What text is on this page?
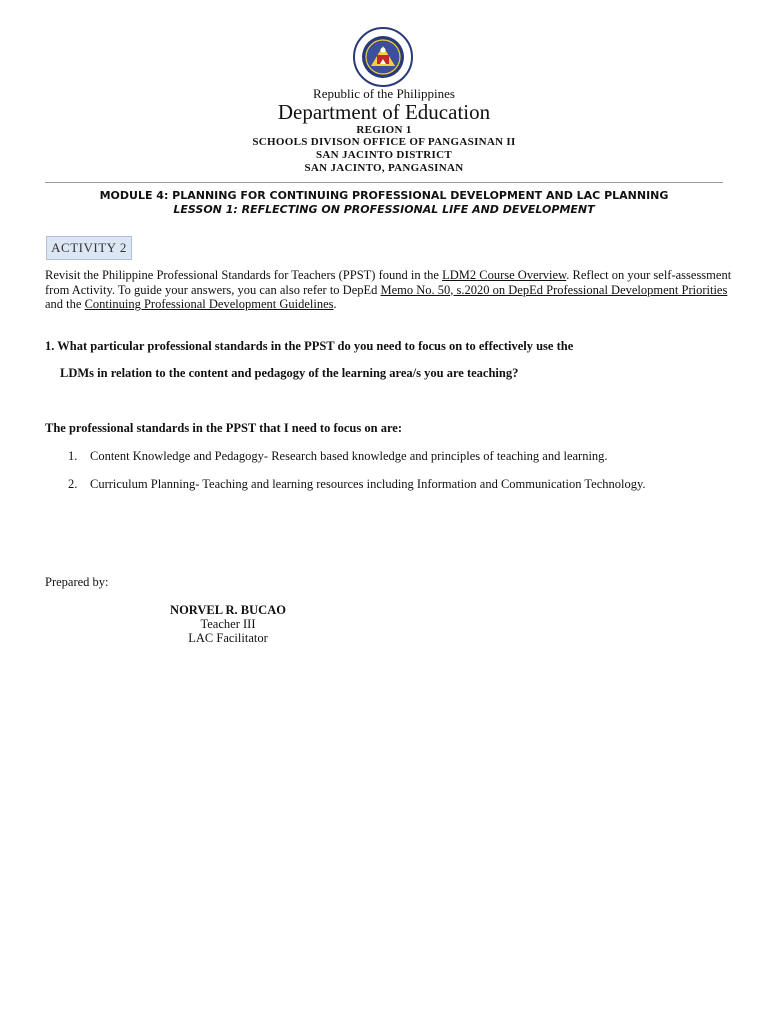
Republic of the Philippines
Department of Education
REGION 1
SCHOOLS DIVISON OFFICE OF PANGASINAN II
SAN JACINTO DISTRICT
SAN JACINTO, PANGASINAN
MODULE 4: PLANNING FOR CONTINUING PROFESSIONAL DEVELOPMENT AND LAC PLANNING
LESSON 1: REFLECTING ON PROFESSIONAL LIFE AND DEVELOPMENT
ACTIVITY 2
Revisit the Philippine Professional Standards for Teachers (PPST) found in the LDM2 Course Overview. Reflect on your self-assessment from Activity. To guide your answers, you can also refer to DepEd Memo No. 50, s.2020 on DepEd Professional Development Priorities and the Continuing Professional Development Guidelines.
1. What particular professional standards in the PPST do you need to focus on to effectively use the
LDMs in relation to the content and pedagogy of the learning area/s you are teaching?
The professional standards in the PPST that I need to focus on are:
1. Content Knowledge and Pedagogy- Research based knowledge and principles of teaching and learning.
2. Curriculum Planning- Teaching and learning resources including Information and Communication Technology.
Prepared by:
NORVEL R. BUCAO
Teacher III
LAC Facilitator
